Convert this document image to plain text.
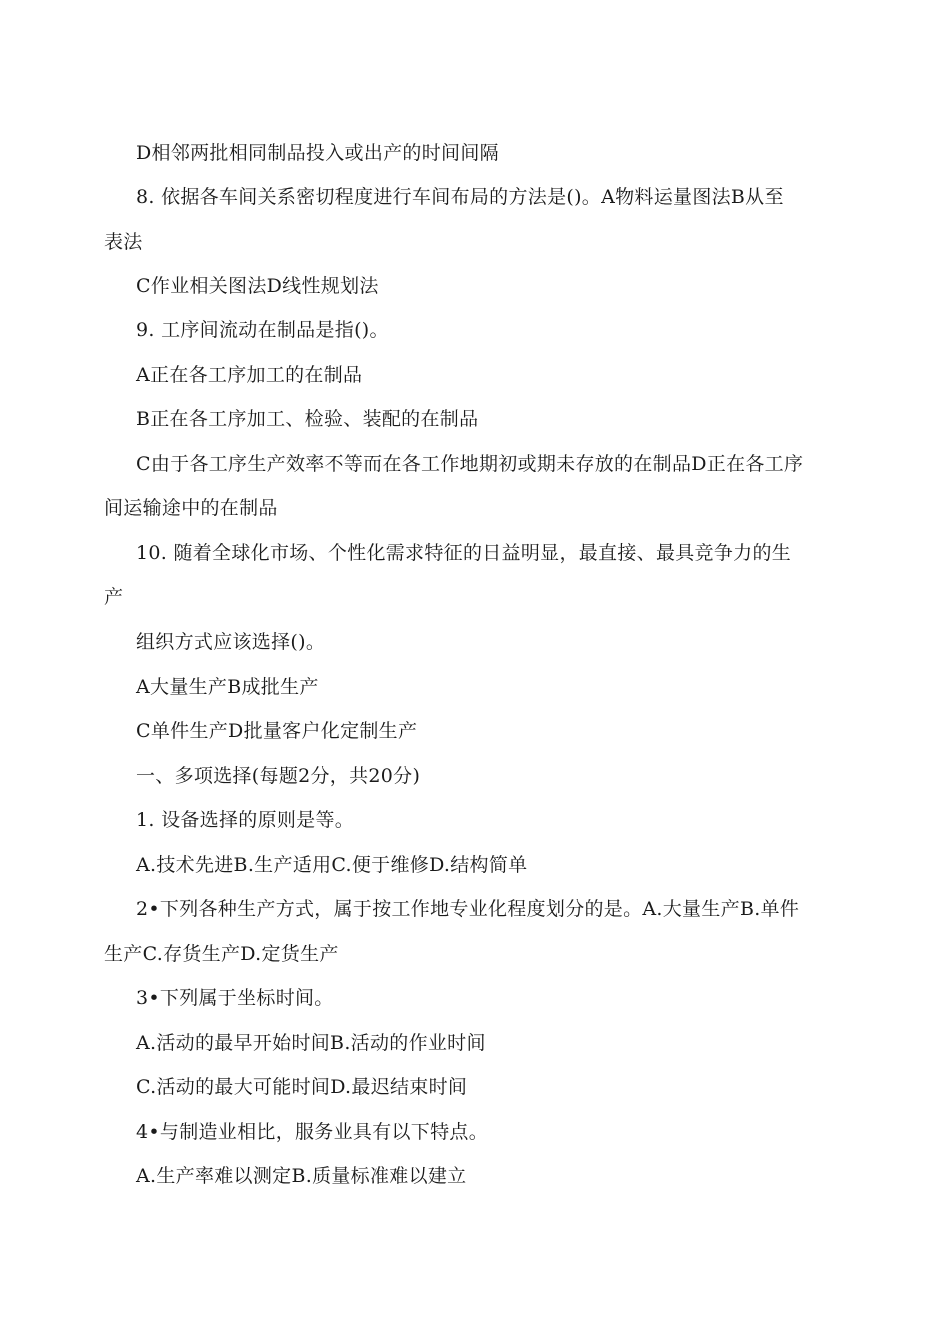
D相邻两批相同制品投入或出产的时间间隔
8. 依据各车间关系密切程度进行车间布局的方法是()。A物料运量图法B从至
表法
C作业相关图法D线性规划法
9. 工序间流动在制品是指()。
A正在各工序加工的在制品
B正在各工序加工、检验、装配的在制品
C由于各工序生产效率不等而在各工作地期初或期未存放的在制品D正在各工序
间运输途中的在制品
10. 随着全球化市场、个性化需求特征的日益明显，最直接、最具竞争力的生
产
组织方式应该选择()。
A大量生产B成批生产
C单件生产D批量客户化定制生产
一、多项选择(每题2分，共20分)
1. 设备选择的原则是等。
A.技术先进B.生产适用C.便于维修D.结构简单
2•下列各种生产方式，属于按工作地专业化程度划分的是。A.大量生产B.单件
生产C.存货生产D.定货生产
3•下列属于坐标时间。
A.活动的最早开始时间B.活动的作业时间
C.活动的最大可能时间D.最迟结束时间
4•与制造业相比，服务业具有以下特点。
A.生产率难以测定B.质量标准难以建立
